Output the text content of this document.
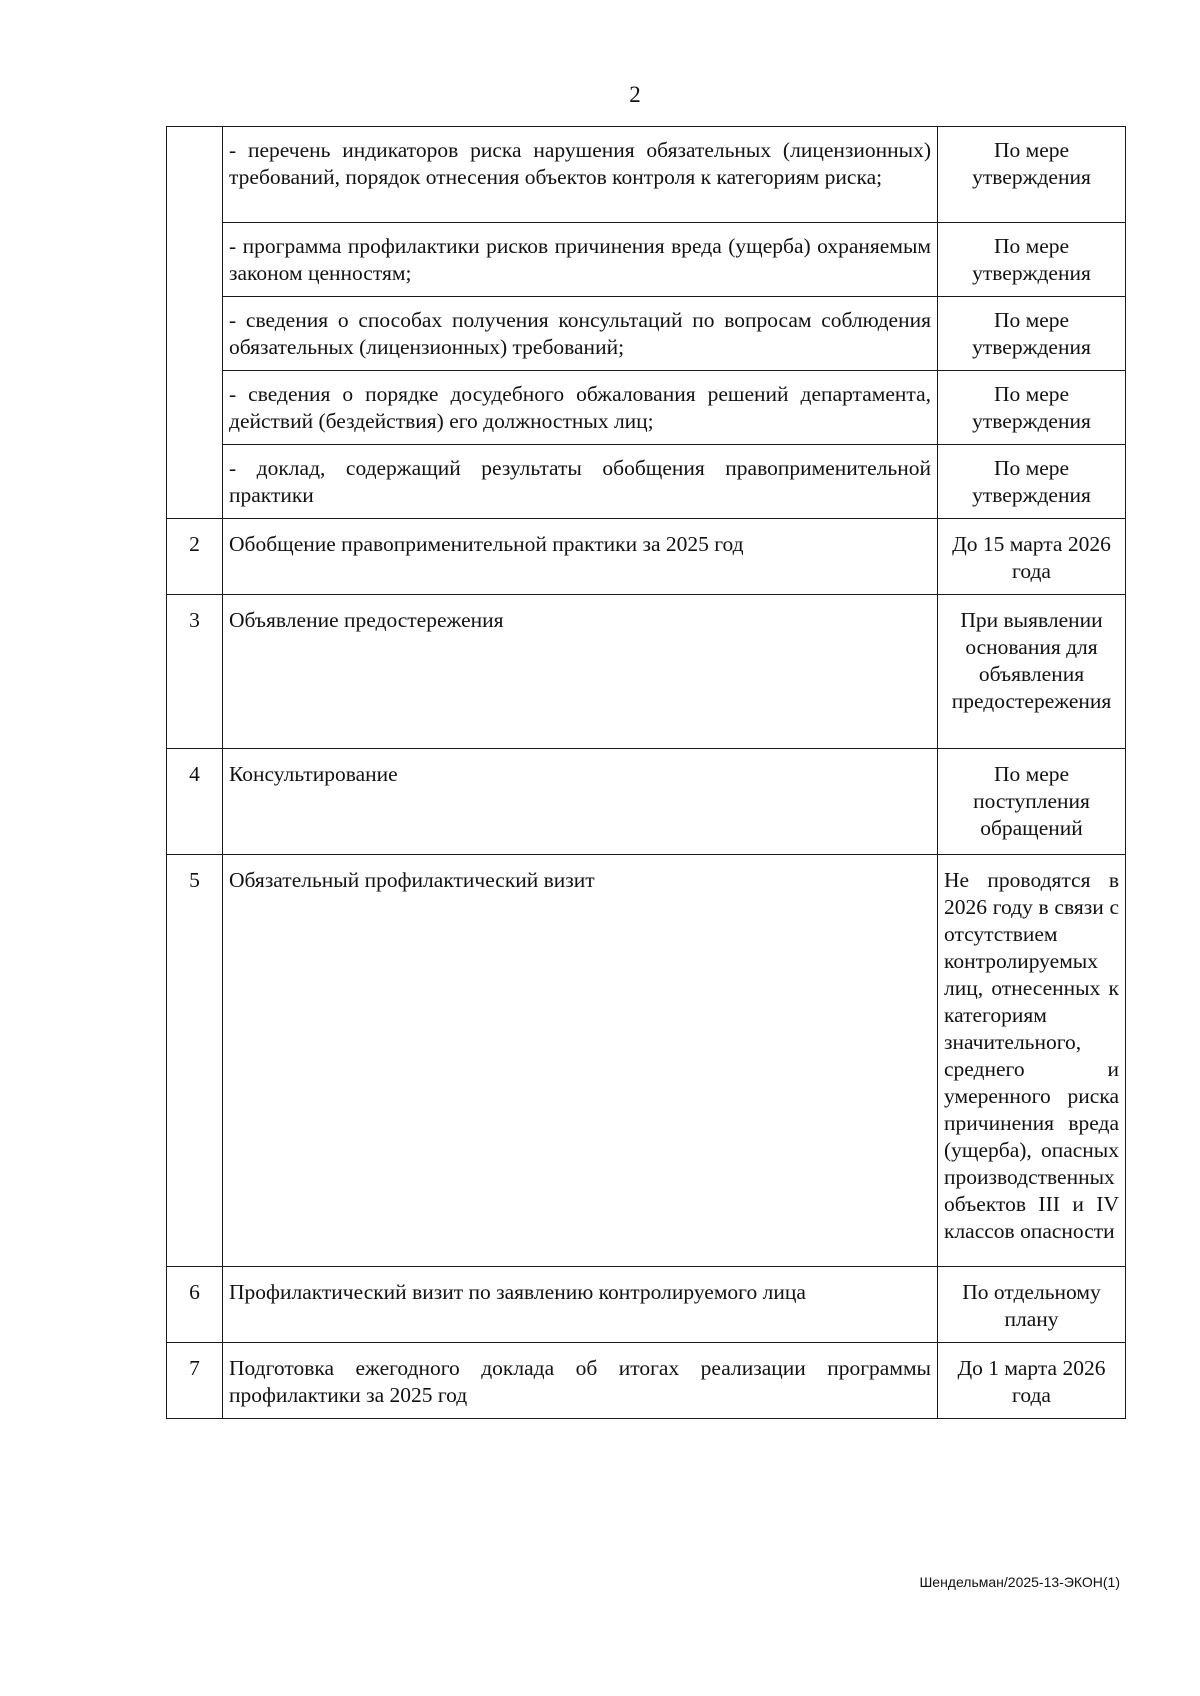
2
	- перечень индикаторов риска нарушения обязательных (лицензионных) требований, порядок отнесения объектов контроля к категориям риска;	По мере утверждения
	- программа профилактики рисков причинения вреда (ущерба) охраняемым законом ценностям;	По мере утверждения
	- сведения о способах получения консультаций по вопросам соблюдения обязательных (лицензионных) требований;	По мере утверждения
	- сведения о порядке досудебного обжалования решений департамента, действий (бездействия) его должностных лиц;	По мере утверждения
	- доклад, содержащий результаты обобщения правоприменительной практики	По мере утверждения
2	Обобщение правоприменительной практики за 2025 год	До 15 марта 2026 года
3	Объявление предостережения	При выявлении основания для объявления предостережения
4	Консультирование	По мере поступления обращений
5	Обязательный профилактический визит	Не проводятся в 2026 году в связи с отсутствием контролируемых лиц, отнесенных к категориям значительного, среднего и умеренного риска причинения вреда (ущерба), опасных производственных объектов III и IV классов опасности
6	Профилактический визит по заявлению контролируемого лица	По отдельному плану
7	Подготовка ежегодного доклада об итогах реализации программы профилактики за 2025 год	До 1 марта 2026 года
Шендельман/2025-13-ЭКОН(1)
